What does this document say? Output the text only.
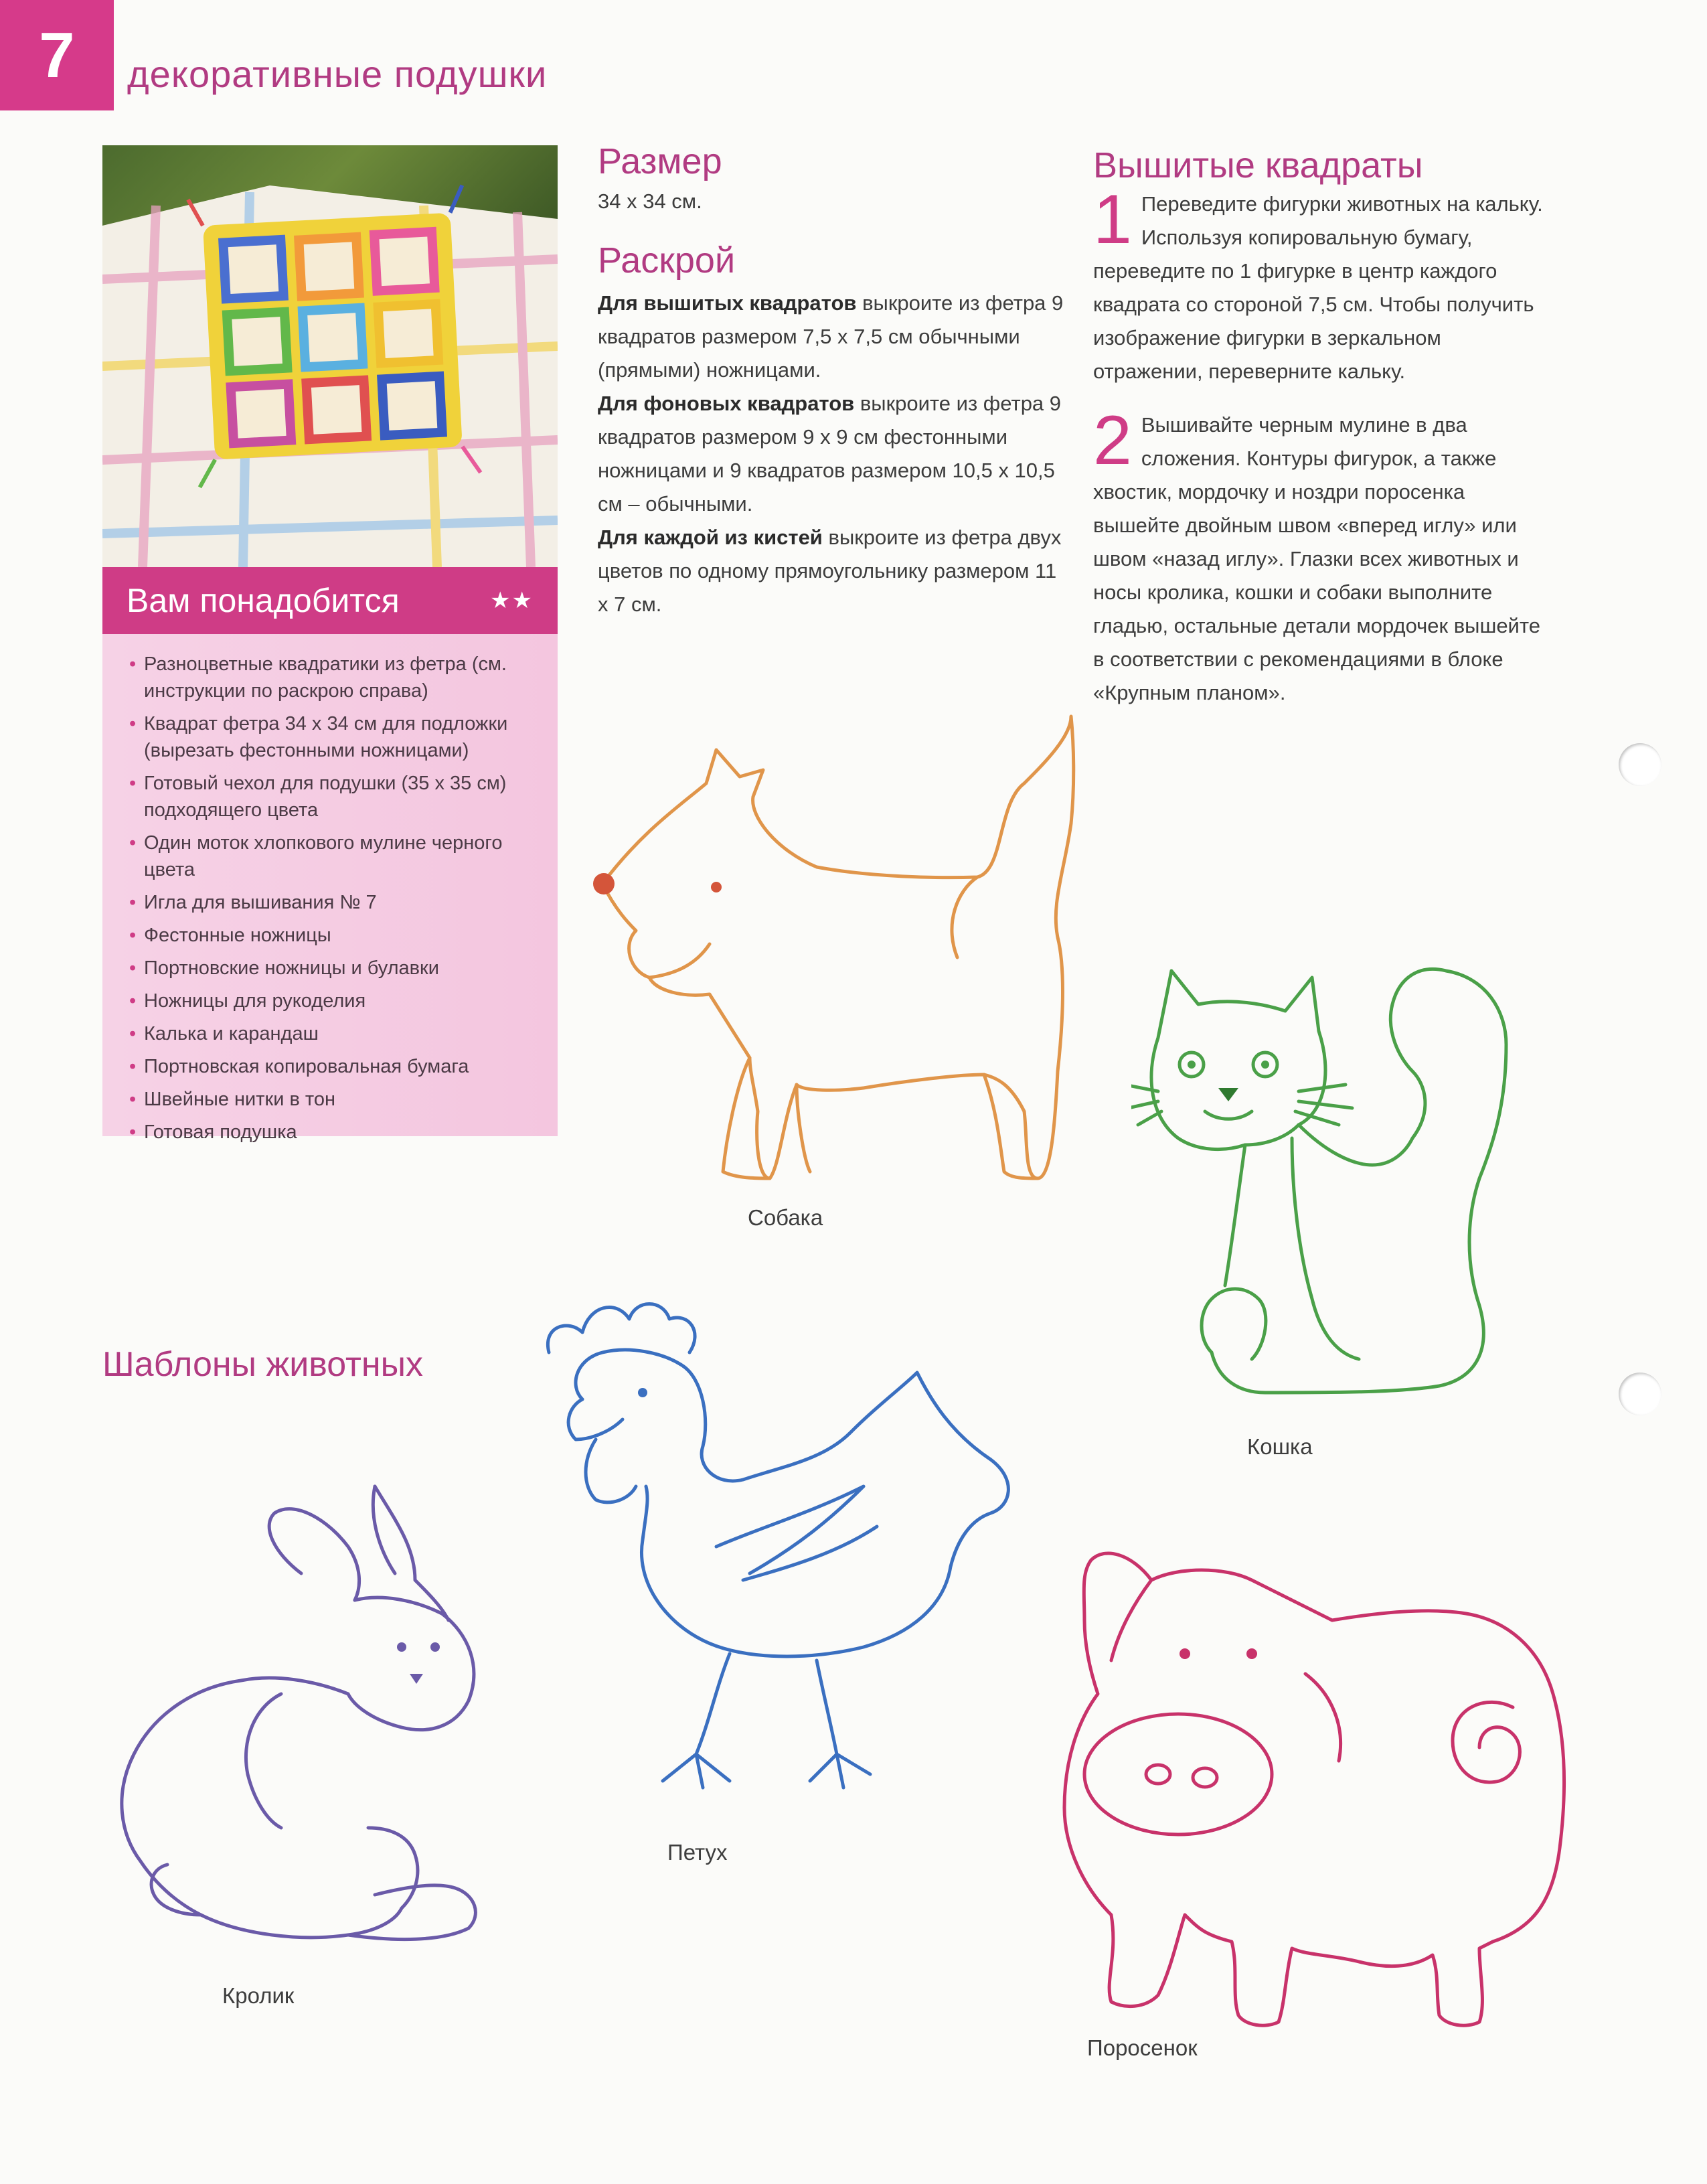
7	декоративные подушки
Вам понадобится	★★
• Разноцветные квадратики из фетра (см. инструкции по раскрою справа)
• Квадрат фетра 34 х 34 см для подложки (вырезать фестонными ножницами)
• Готовый чехол для подушки (35 х 35 см) подходящего цвета
• Один моток хлопкового мулине черного цвета
• Игла для вышивания № 7
• Фестонные ножницы
• Портновские ножницы и булавки
• Ножницы для рукоделия
• Калька и карандаш
• Портновская копировальная бумага
• Швейные нитки в тон
• Готовая подушка
Размер
34 х 34 см.
Раскрой
Для вышитых квадратов выкроите из фетра 9 квадратов размером 7,5 х 7,5 см обычными (прямыми) ножницами.
Для фоновых квадратов выкроите из фетра 9 квадратов размером 9 х 9 см фестонными ножницами и 9 квадратов размером 10,5 х 10,5 см – обычными.
Для каждой из кистей выкроите из фетра двух цветов по одному прямоугольнику размером 11 х 7 см.
Вышитые квадраты
1 Переведите фигурки животных на кальку. Используя копировальную бумагу, переведите по 1 фигурке в центр каждого квадрата со стороной 7,5 см. Чтобы получить изображение фигурки в зеркальном отражении, переверните кальку.
2 Вышивайте черным мулине в два сложения. Контуры фигурок, а также хвостик, мордочку и ноздри поросенка вышейте двойным швом «вперед иглу» или швом «назад иглу». Глазки всех животных и носы кролика, кошки и собаки выполните гладью, остальные детали мордочек вышейте в соответствии с рекомендациями в блоке «Крупным планом».
Шаблоны животных
Собака
Кошка
Петух
Кролик
Поросенок
